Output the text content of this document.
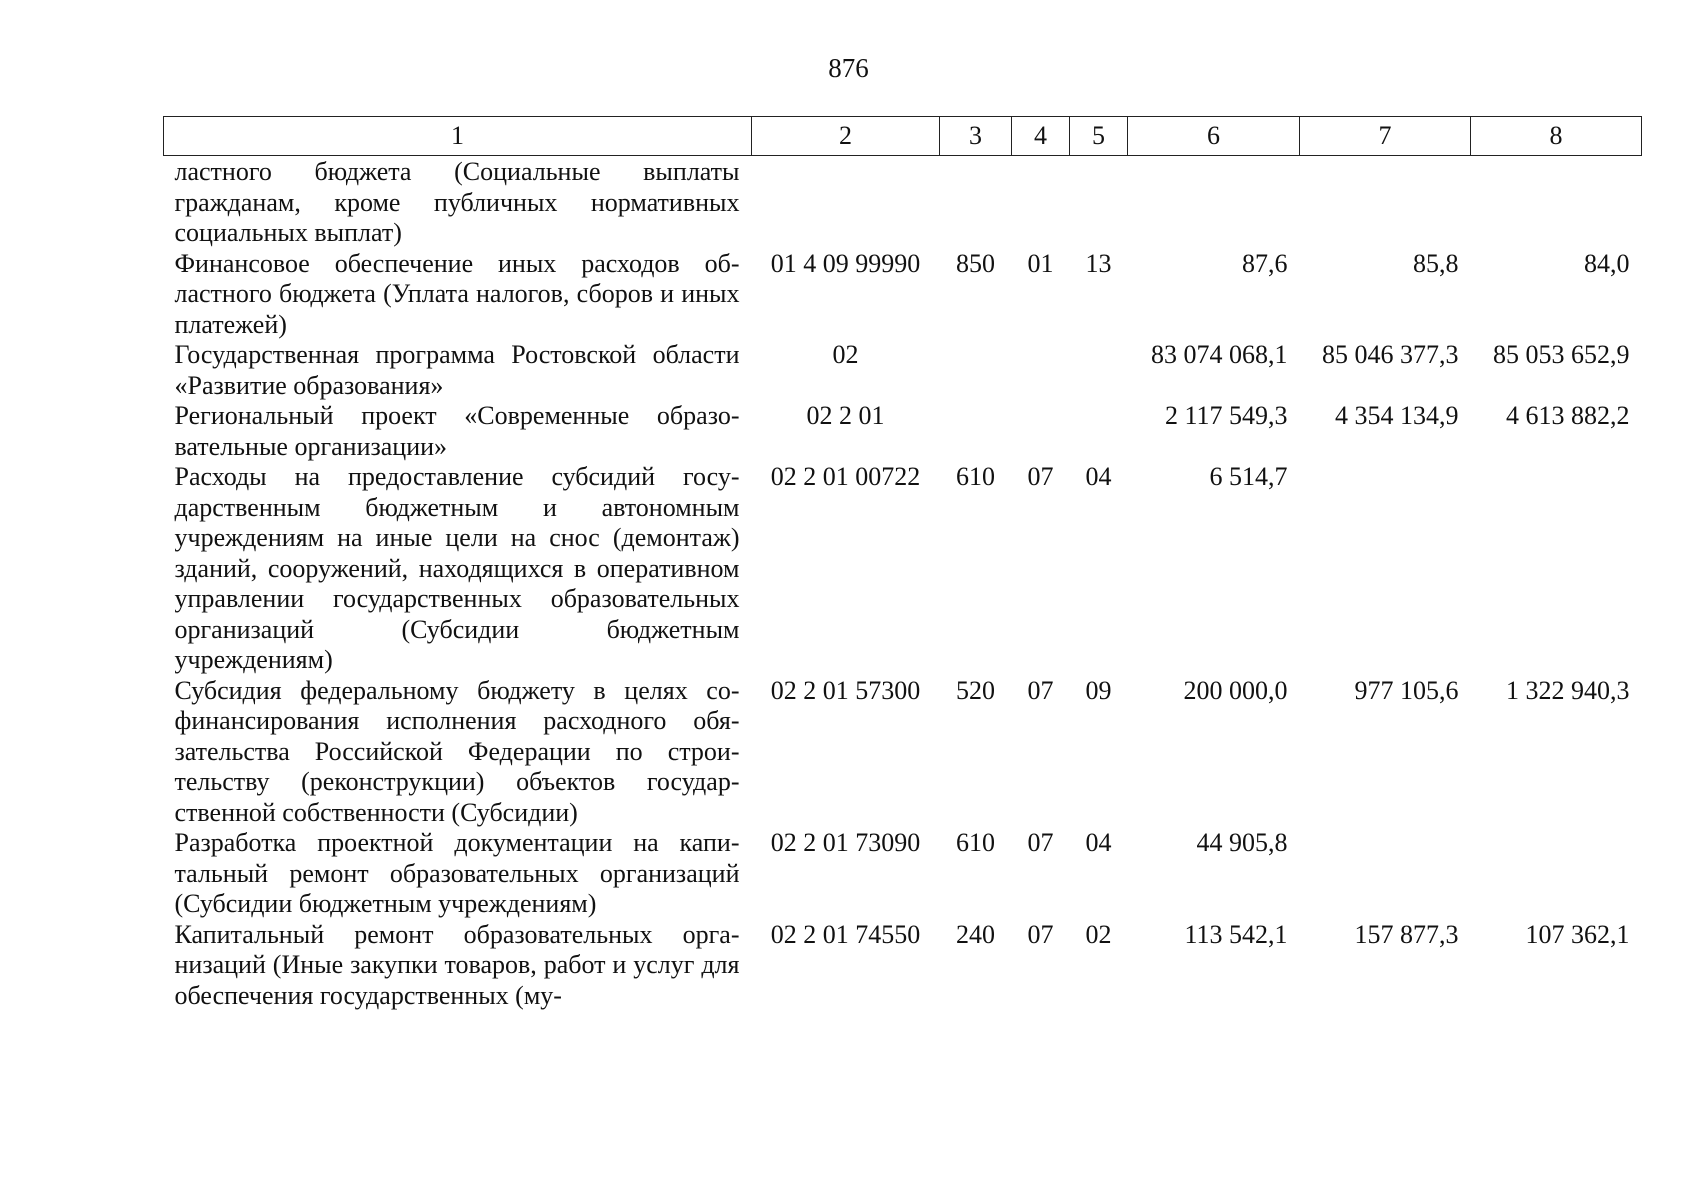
876
1	2	3	4	5	6	7	8
ластного бюджета (Социальные выплаты гражданам, кроме публичных нормативных социальных выплат)							
Финансовое обеспечение иных расходов областного бюджета (Уплата налогов, сборов и иных платежей)	01 4 09 99990	850	01	13	87,6	85,8	84,0
Государственная программа Ростовской области «Развитие образования»	02				83 074 068,1	85 046 377,3	85 053 652,9
Региональный проект «Современные образовательные организации»	02 2 01				2 117 549,3	4 354 134,9	4 613 882,2
Расходы на предоставление субсидий государственным бюджетным и автономным учреждениям на иные цели на снос (демонтаж) зданий, сооружений, находящихся в оперативном управлении государственных образовательных организаций (Субсидии бюджетным учреждениям)	02 2 01 00722	610	07	04	6 514,7		
Субсидия федеральному бюджету в целях софинансирования исполнения расходного обязательства Российской Федерации по строительству (реконструкции) объектов государственной собственности (Субсидии)	02 2 01 57300	520	07	09	200 000,0	977 105,6	1 322 940,3
Разработка проектной документации на капитальный ремонт образовательных организаций (Субсидии бюджетным учреждениям)	02 2 01 73090	610	07	04	44 905,8		
Капитальный ремонт образовательных организаций (Иные закупки товаров, работ и услуг для обеспечения государственных (му-	02 2 01 74550	240	07	02	113 542,1	157 877,3	107 362,1
